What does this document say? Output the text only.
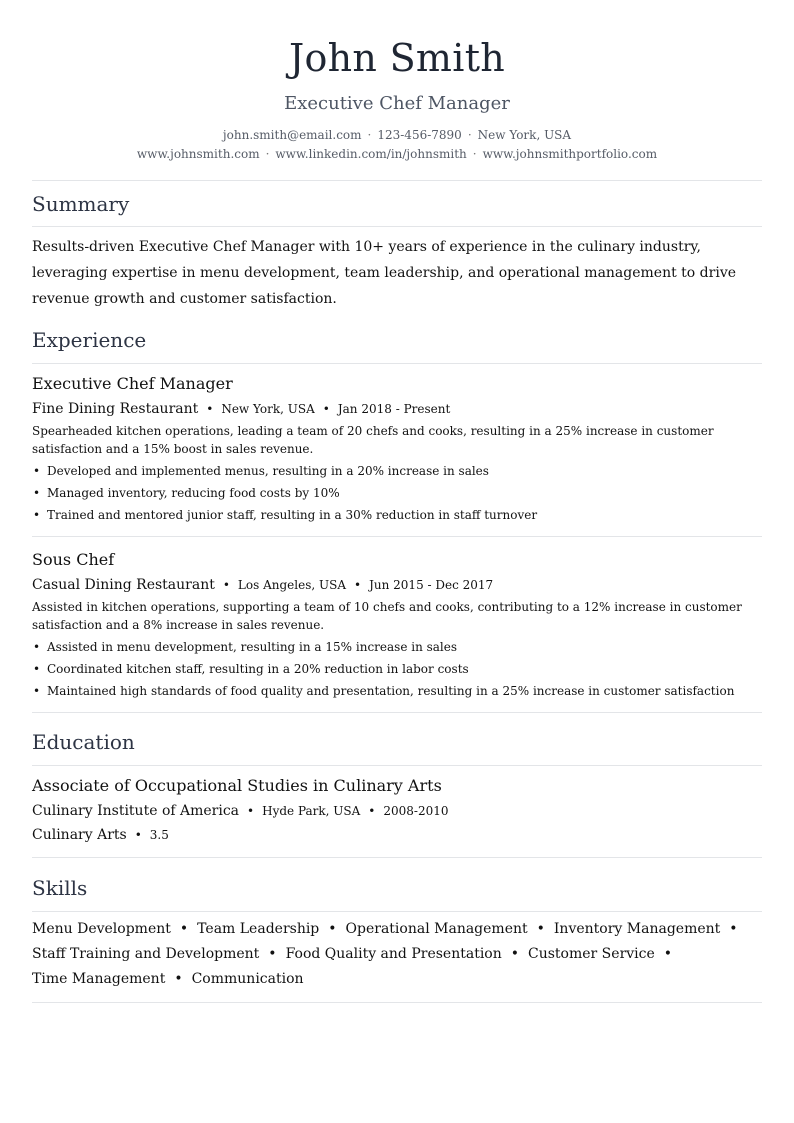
John Smith
Executive Chef Manager
john.smith@email.com · 123-456-7890 · New York, USA
www.johnsmith.com · www.linkedin.com/in/johnsmith · www.johnsmithportfolio.com
Summary
Results-driven Executive Chef Manager with 10+ years of experience in the culinary industry, leveraging expertise in menu development, team leadership, and operational management to drive revenue growth and customer satisfaction.
Experience
Executive Chef Manager
Fine Dining Restaurant • New York, USA • Jan 2018 - Present
Spearheaded kitchen operations, leading a team of 20 chefs and cooks, resulting in a 25% increase in customer satisfaction and a 15% boost in sales revenue.
• Developed and implemented menus, resulting in a 20% increase in sales
• Managed inventory, reducing food costs by 10%
• Trained and mentored junior staff, resulting in a 30% reduction in staff turnover
Sous Chef
Casual Dining Restaurant • Los Angeles, USA • Jun 2015 - Dec 2017
Assisted in kitchen operations, supporting a team of 10 chefs and cooks, contributing to a 12% increase in customer satisfaction and a 8% increase in sales revenue.
• Assisted in menu development, resulting in a 15% increase in sales
• Coordinated kitchen staff, resulting in a 20% reduction in labor costs
• Maintained high standards of food quality and presentation, resulting in a 25% increase in customer satisfaction
Education
Associate of Occupational Studies in Culinary Arts
Culinary Institute of America • Hyde Park, USA • 2008-2010
Culinary Arts • 3.5
Skills
Menu Development • Team Leadership • Operational Management • Inventory Management •
Staff Training and Development • Food Quality and Presentation • Customer Service •
Time Management • Communication
